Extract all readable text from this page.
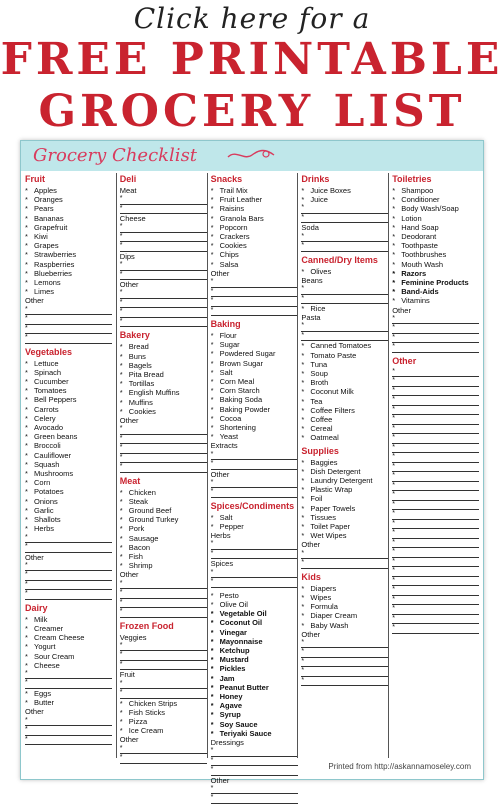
Click here for a
FREE PRINTABLE
GROCERY LIST
Grocery Checklist
Fruit
* Apples
* Oranges
* Pears
* Bananas
* Grapefruit
* Kiwi
* Grapes
* Strawberries
* Raspberries
* Blueberries
* Lemons
* Limes
Other
*
*
*
*
Vegetables
* Lettuce
* Spinach
* Cucumber
* Tomatoes
* Bell Peppers
* Carrots
* Celery
* Avocado
* Green beans
* Broccoli
* Cauliflower
* Squash
* Mushrooms
* Corn
* Potatoes
* Onions
* Garlic
* Shallots
* Herbs
*
*
Other
*
*
*
*
Dairy
* Milk
* Creamer
* Cream Cheese
* Yogurt
* Sour Cream
* Cheese
*
*
* Eggs
* Butter
Other
*
*
*
Deli
Meat
*
*
Cheese
*
*
*
Dips
*
*
Other
*
*
*
*
Bakery
* Bread
* Buns
* Bagels
* Pita Bread
* Tortillas
* English Muffins
* Muffins
* Cookies
Other
*
*
*
*
*
Meat
* Chicken
* Steak
* Ground Beef
* Ground Turkey
* Pork
* Sausage
* Bacon
* Fish
* Shrimp
Other
*
*
*
*
Frozen Food
Veggies
*
*
*
Fruit
*
*
* Chicken Strips
* Fish Sticks
* Pizza
* Ice Cream
Other
*
*
Snacks
* Trail Mix
* Fruit Leather
* Raisins
* Granola Bars
* Popcorn
* Crackers
* Cookies
* Chips
* Salsa
Other
*
*
*
*
Baking
* Flour
* Sugar
* Powdered Sugar
* Brown Sugar
* Salt
* Corn Meal
* Corn Starch
* Baking Soda
* Baking Powder
* Cocoa
* Shortening
* Yeast
Extracts
*
*
Other
*
*
Spices/Condiments
* Salt
* Pepper
Herbs
*
*
Spices
*
*
* Pesto
* Olive Oil
* Vegetable Oil
* Coconut Oil
* Vinegar
* Mayonnaise
* Ketchup
* Mustard
* Pickles
* Jam
* Peanut Butter
* Honey
* Agave
* Syrup
* Soy Sauce
* Teriyaki Sauce
Dressings
*
*
*
Other
*
*
Drinks
* Juice Boxes
* Juice
*
*
Soda
*
*
Canned/Dry Items
* Olives
Beans
*
*
* Rice
Pasta
*
*
* Canned Tomatoes
* Tomato Paste
* Tuna
* Soup
* Broth
* Coconut Milk
* Tea
* Coffee Filters
* Coffee
* Cereal
* Oatmeal
Supplies
* Baggies
* Dish Detergent
* Laundry Detergent
* Plastic Wrap
* Foil
* Paper Towels
* Tissues
* Toilet Paper
* Wet Wipes
Other
*
*
Kids
* Diapers
* Wipes
* Formula
* Diaper Cream
* Baby Wash
Other
*
*
*
*
*
Toiletries
* Shampoo
* Conditioner
* Body Wash/Soap
* Lotion
* Hand Soap
* Deodorant
* Toothpaste
* Toothbrushes
* Mouth Wash
* Razors
* Feminine Products
* Band-Aids
* Vitamins
Other
*
*
*
*
Other
*
*
*
*
*
*
*
*
*
*
*
*
*
*
*
*
*
*
*
*
*
*
*
*
*
*
*
*
Printed from http://askannamoseley.com
